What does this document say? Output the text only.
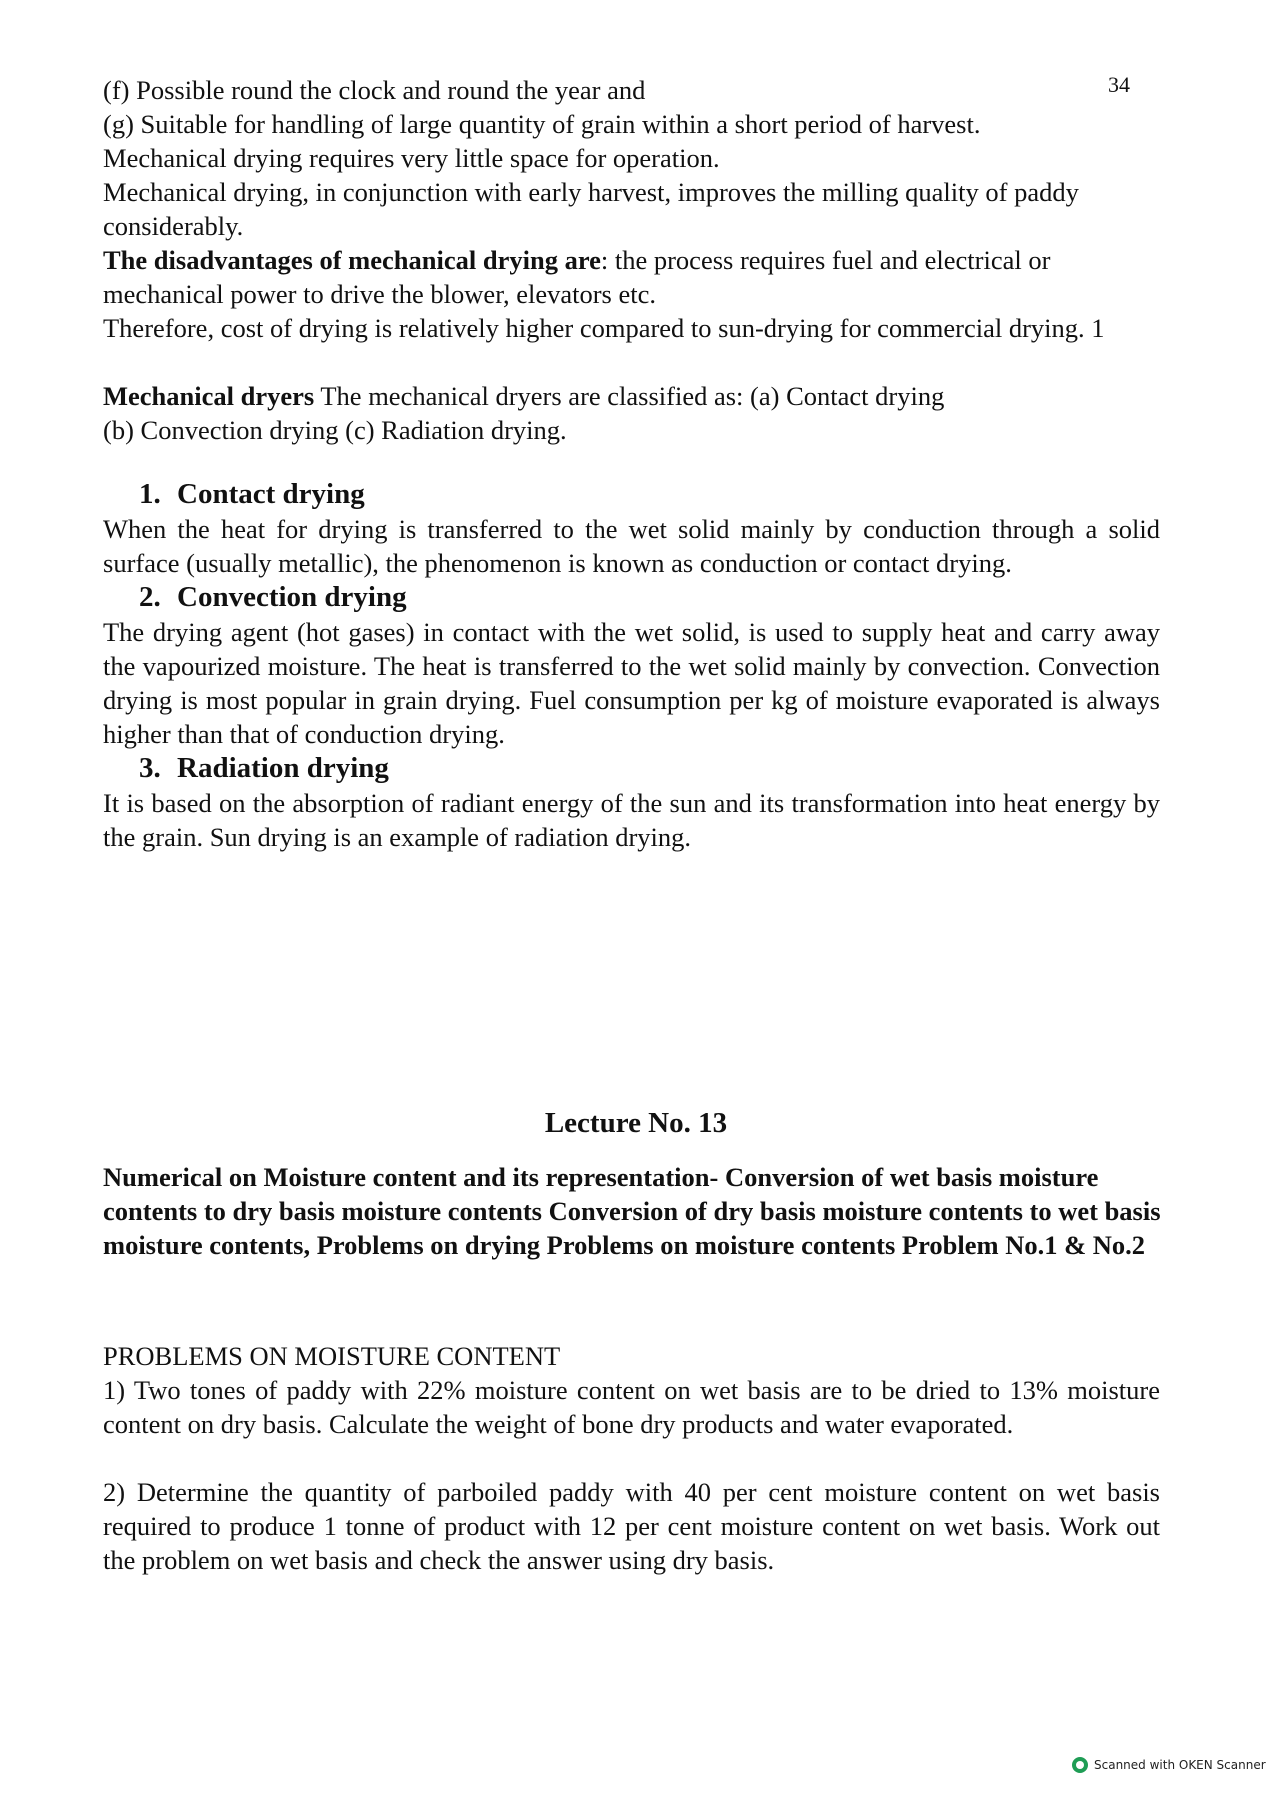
34

(f) Possible round the clock and round the year and

(g) Suitable for handling of large quantity of grain within a short period of harvest.

Mechanical drying requires very little space for operation.

Mechanical drying, in conjunction with early harvest, improves the milling quality of paddy considerably.

The disadvantages of mechanical drying are: the process requires fuel and electrical or mechanical power to drive the blower, elevators etc.

Therefore, cost of drying is relatively higher compared to sun-drying for commercial drying. 1

Mechanical dryers The mechanical dryers are classified as: (a) Contact drying

(b) Convection drying (c) Radiation drying.

1. Contact drying

When the heat for drying is transferred to the wet solid mainly by conduction through a solid surface (usually metallic), the phenomenon is known as conduction or contact drying.

2. Convection drying

The drying agent (hot gases) in contact with the wet solid, is used to supply heat and carry away the vapourized moisture. The heat is transferred to the wet solid mainly by convection. Convection drying is most popular in grain drying. Fuel consumption per kg of moisture evaporated is always higher than that of conduction drying.

3. Radiation drying

It is based on the absorption of radiant energy of the sun and its transformation into heat energy by the grain. Sun drying is an example of radiation drying.

Lecture No. 13

Numerical on Moisture content and its representation- Conversion of wet basis moisture contents to dry basis moisture contents Conversion of dry basis moisture contents to wet basis moisture contents, Problems on drying Problems on moisture contents Problem No.1 & No.2

PROBLEMS ON MOISTURE CONTENT

1) Two tones of paddy with 22% moisture content on wet basis are to be dried to 13% moisture content on dry basis. Calculate the weight of bone dry products and water evaporated.

2) Determine the quantity of parboiled paddy with 40 per cent moisture content on wet basis required to produce 1 tonne of product with 12 per cent moisture content on wet basis. Work out the problem on wet basis and check the answer using dry basis.

Scanned with OKEN Scanner
